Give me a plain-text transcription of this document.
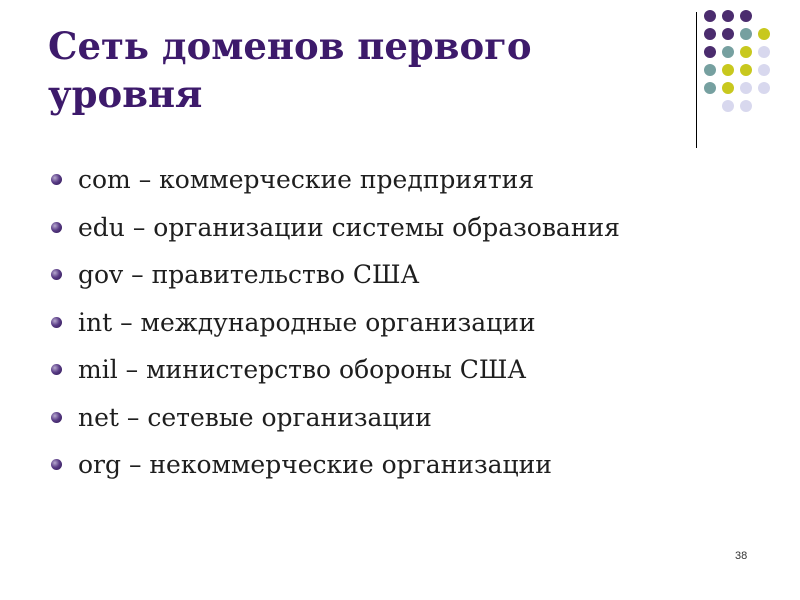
Сеть доменов первого уровня
com – коммерческие предприятия
edu – организации системы образования
gov – правительство США
int – международные организации
mil – министерство обороны США
net – сетевые организации
org – некоммерческие организации
38
